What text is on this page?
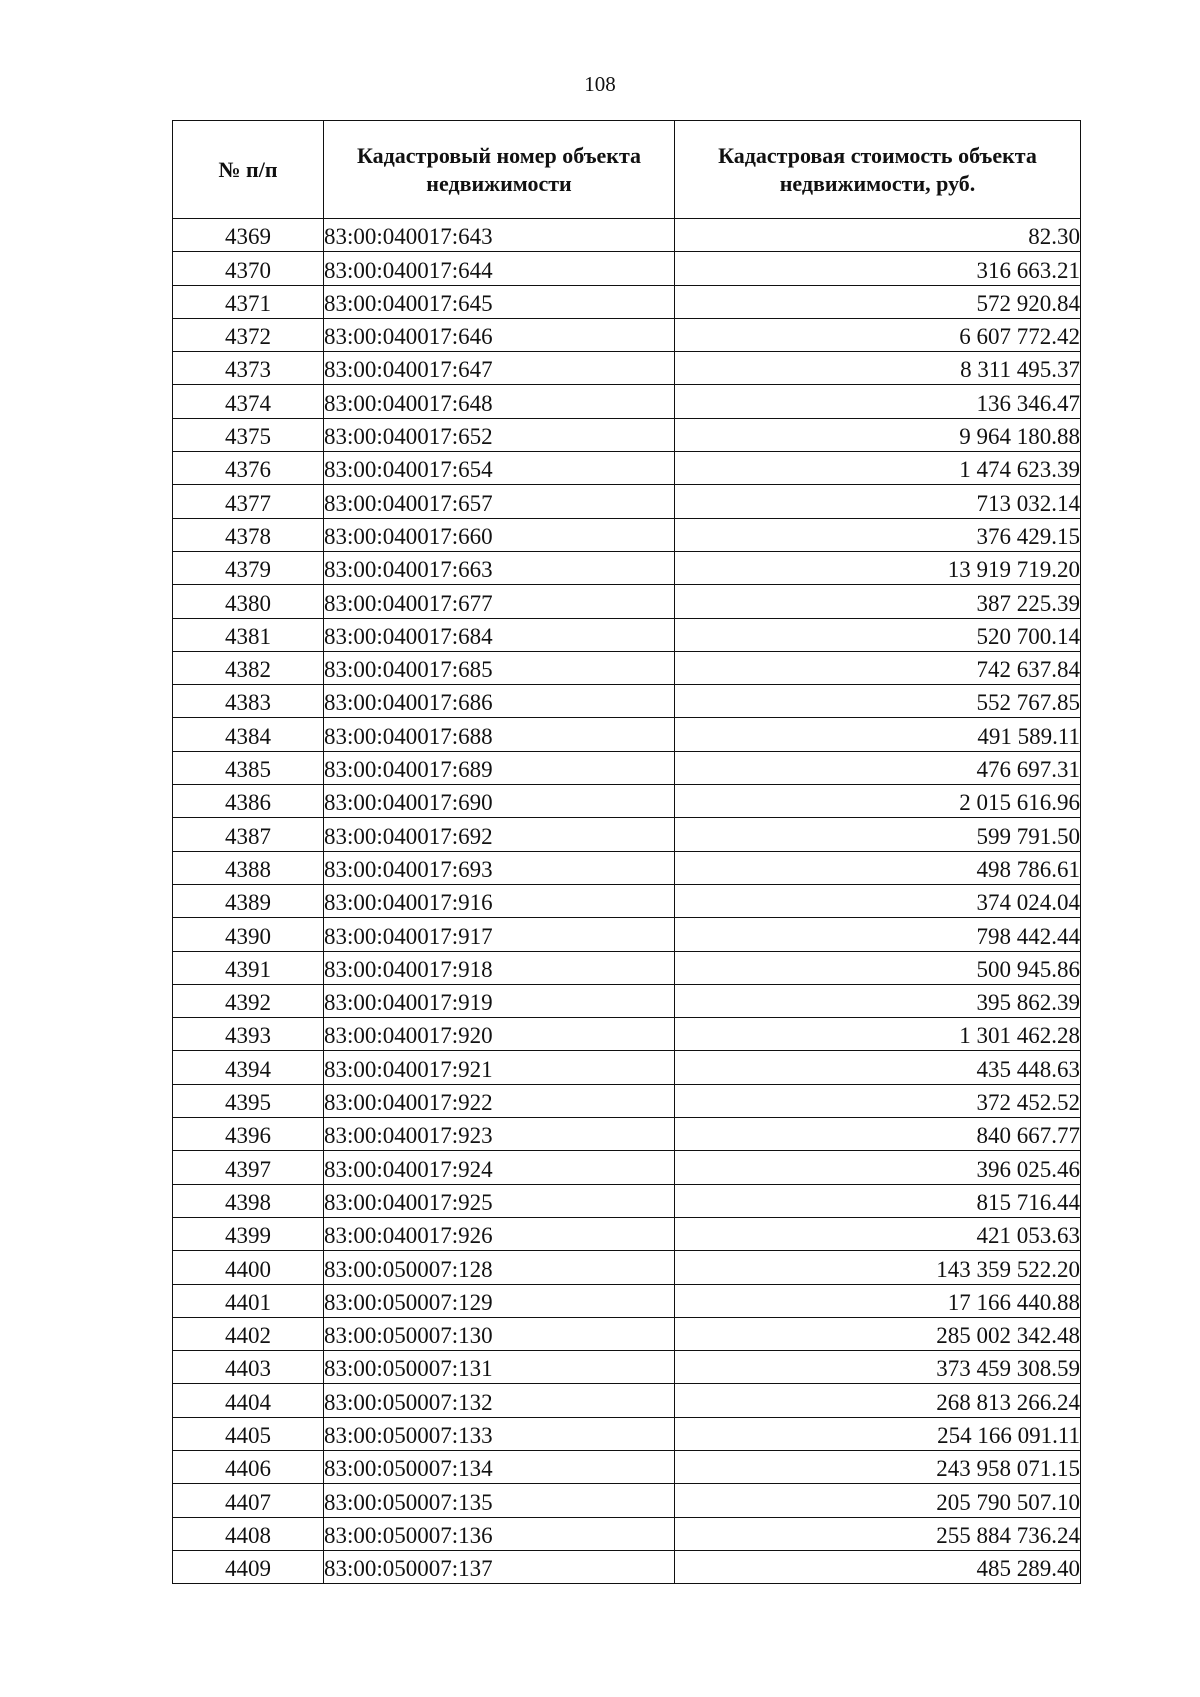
108
№ п/п	Кадастровый номер объекта недвижимости	Кадастровая стоимость объекта недвижимости, руб.
4369	83:00:040017:643	82.30
4370	83:00:040017:644	316 663.21
4371	83:00:040017:645	572 920.84
4372	83:00:040017:646	6 607 772.42
4373	83:00:040017:647	8 311 495.37
4374	83:00:040017:648	136 346.47
4375	83:00:040017:652	9 964 180.88
4376	83:00:040017:654	1 474 623.39
4377	83:00:040017:657	713 032.14
4378	83:00:040017:660	376 429.15
4379	83:00:040017:663	13 919 719.20
4380	83:00:040017:677	387 225.39
4381	83:00:040017:684	520 700.14
4382	83:00:040017:685	742 637.84
4383	83:00:040017:686	552 767.85
4384	83:00:040017:688	491 589.11
4385	83:00:040017:689	476 697.31
4386	83:00:040017:690	2 015 616.96
4387	83:00:040017:692	599 791.50
4388	83:00:040017:693	498 786.61
4389	83:00:040017:916	374 024.04
4390	83:00:040017:917	798 442.44
4391	83:00:040017:918	500 945.86
4392	83:00:040017:919	395 862.39
4393	83:00:040017:920	1 301 462.28
4394	83:00:040017:921	435 448.63
4395	83:00:040017:922	372 452.52
4396	83:00:040017:923	840 667.77
4397	83:00:040017:924	396 025.46
4398	83:00:040017:925	815 716.44
4399	83:00:040017:926	421 053.63
4400	83:00:050007:128	143 359 522.20
4401	83:00:050007:129	17 166 440.88
4402	83:00:050007:130	285 002 342.48
4403	83:00:050007:131	373 459 308.59
4404	83:00:050007:132	268 813 266.24
4405	83:00:050007:133	254 166 091.11
4406	83:00:050007:134	243 958 071.15
4407	83:00:050007:135	205 790 507.10
4408	83:00:050007:136	255 884 736.24
4409	83:00:050007:137	485 289.40
